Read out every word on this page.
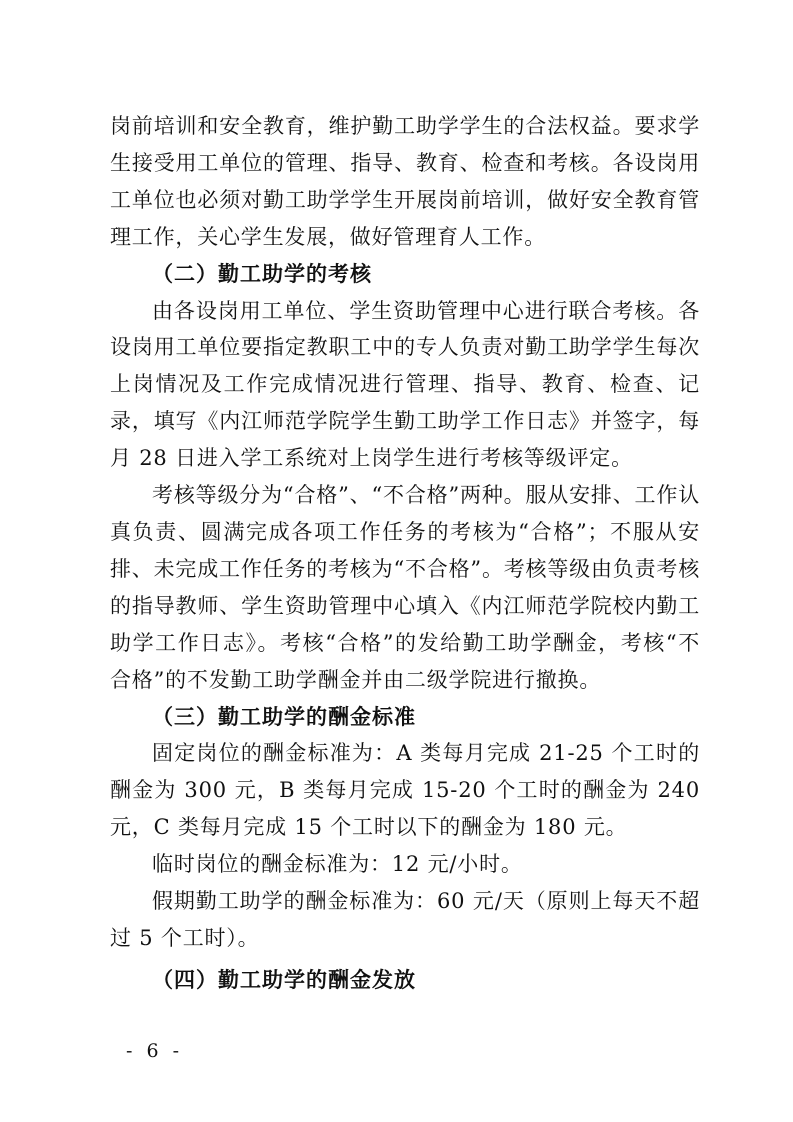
岗前培训和安全教育，维护勤工助学学生的合法权益。要求学生接受用工单位的管理、指导、教育、检查和考核。各设岗用工单位也必须对勤工助学学生开展岗前培训，做好安全教育管理工作，关心学生发展，做好管理育人工作。

（二）勤工助学的考核

由各设岗用工单位、学生资助管理中心进行联合考核。各设岗用工单位要指定教职工中的专人负责对勤工助学学生每次上岗情况及工作完成情况进行管理、指导、教育、检查、记录，填写《内江师范学院学生勤工助学工作日志》并签字，每月 28 日进入学工系统对上岗学生进行考核等级评定。

考核等级分为“合格”、“不合格”两种。服从安排、工作认真负责、圆满完成各项工作任务的考核为“合格”；不服从安排、未完成工作任务的考核为“不合格”。考核等级由负责考核的指导教师、学生资助管理中心填入《内江师范学院校内勤工助学工作日志》。考核“合格”的发给勤工助学酬金，考核“不合格”的不发勤工助学酬金并由二级学院进行撤换。

（三）勤工助学的酬金标准

固定岗位的酬金标准为：A 类每月完成 21-25 个工时的酬金为 300 元，B 类每月完成 15-20 个工时的酬金为 240 元，C 类每月完成 15 个工时以下的酬金为 180 元。

临时岗位的酬金标准为：12 元/小时。

假期勤工助学的酬金标准为：60 元/天（原则上每天不超过 5 个工时）。

（四）勤工助学的酬金发放

- 6 -
